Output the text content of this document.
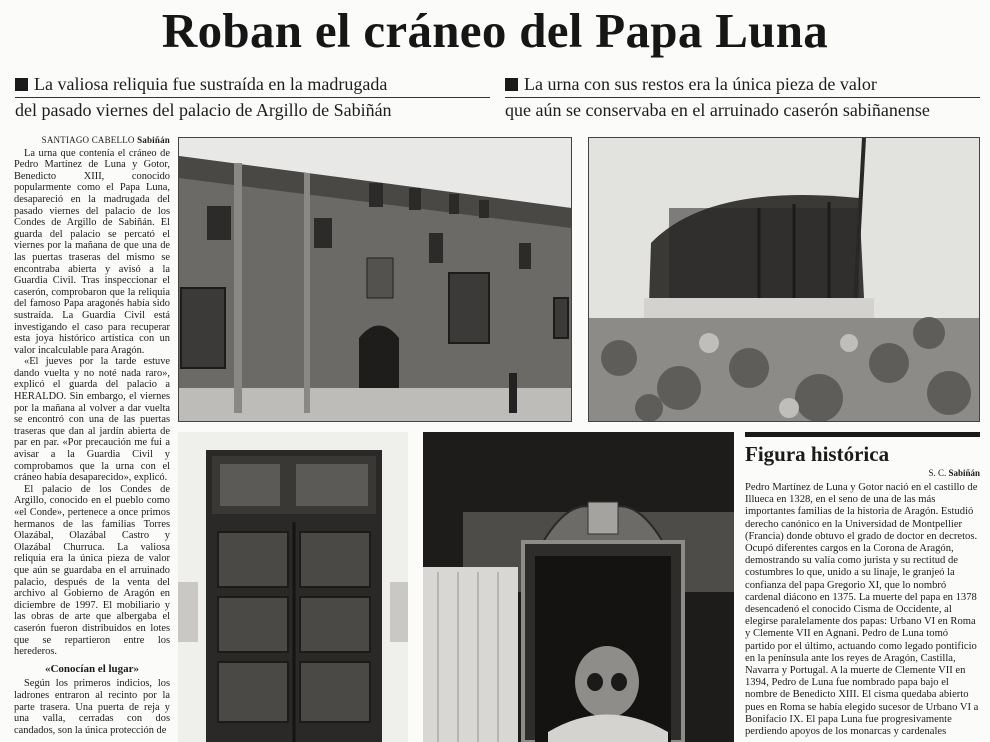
Roban el cráneo del Papa Luna
La valiosa reliquia fue sustraída en la madrugada
del pasado viernes del palacio de Argillo de Sabiñán
La urna con sus restos era la única pieza de valor
que aún se conservaba en el arruinado caserón sabiñanense
SANTIAGO CABELLO Sabiñán

La urna que contenía el cráneo de Pedro Martínez de Luna y Gotor, Benedicto XIII, conocido popularmente como el Papa Luna, desapareció en la madrugada del pasado viernes del palacio de los Condes de Argillo de Sabiñán. El guarda del palacio se percató el viernes por la mañana de que una de las puertas traseras del mismo se encontraba abierta y avisó a la Guardia Civil. Tras inspeccionar el caserón, comprobaron que la reliquia del famoso Papa aragonés había sido sustraída. La Guardia Civil está investigando el caso para recuperar esta joya histórico artística con un valor incalculable para Aragón.

«El jueves por la tarde estuve dando vuelta y no noté nada raro», explicó el guarda del palacio a HERALDO. Sin embargo, el viernes por la mañana al volver a dar vuelta se encontró con una de las puertas traseras que dan al jardín abierta de par en par. «Por precaución me fui a avisar a la Guardia Civil y comprobamos que la urna con el cráneo había desaparecido», explicó.

El palacio de los Condes de Argillo, conocido en el pueblo como «el Conde», pertenece a once primos hermanos de las familias Torres Olazábal, Olazábal Castro y Olazábal Churruca. La valiosa reliquia era la única pieza de valor que aún se guardaba en el arruinado palacio, después de la venta del archivo al Gobierno de Aragón en diciembre de 1997. El mobiliario y las obras de arte que albergaba el caserón fueron distribuidos en lotes que se repartieron entre los herederos.

«Conocían el lugar»

Según los primeros indicios, los ladrones entraron al recinto por la parte trasera. Una puerta de reja y una valla, cerradas con dos candados, son la única protección de

Figura histórica
S. C. Sabiñán
Pedro Martínez de Luna y Gotor nació en el castillo de Illueca en 1328, en el seno de una de las más importantes familias de la historia de Aragón. Estudió derecho canónico en la Universidad de Montpellier (Francia) donde obtuvo el grado de doctor en decretos. Ocupó diferentes cargos en la Corona de Aragón, demostrando su valía como jurista y su rectitud de costumbres lo que, unido a su linaje, le granjeó la confianza del papa Gregorio XI, que lo nombró cardenal diácono en 1375. La muerte del papa en 1378 desencadenó el conocido Cisma de Occidente, al elegirse paralelamente dos papas: Urbano VI en Roma y Clemente VII en Agnani. Pedro de Luna tomó partido por el último, actuando como legado pontificio en la península ante los reyes de Aragón, Castilla, Navarra y Portugal. A la muerte de Clemente VII en 1394, Pedro de Luna fue nombrado papa bajo el nombre de Benedicto XIII. El cisma quedaba abierto pues en Roma se había elegido sucesor de Urbano VI a Bonifacio IX. El papa Luna fue progresivamente perdiendo apoyos de los monarcas y cardenales
